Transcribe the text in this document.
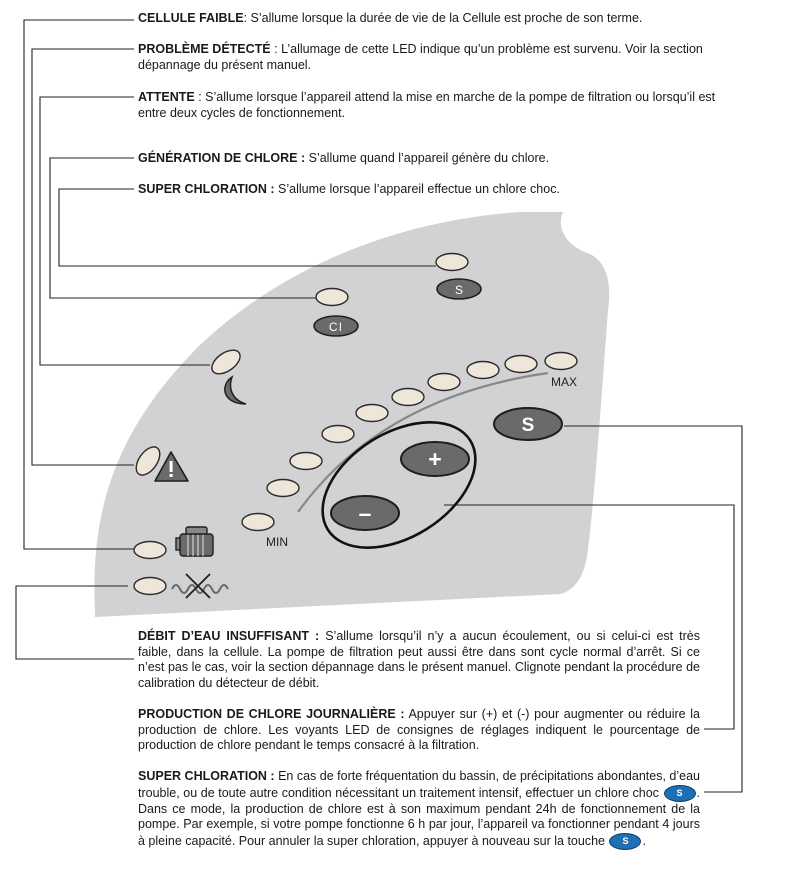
MAX
MIN
S
Cl
S
+
–
CELLULE FAIBLE: S’allume lorsque la durée de vie de la Cellule est proche de son terme.
PROBLÈME DÉTECTÉ : L’allumage de cette LED indique qu’un problème est survenu. Voir la section dépannage du présent manuel.
ATTENTE : S’allume lorsque l’appareil attend la mise en marche de la pompe de filtration ou lorsqu’il est entre deux cycles de fonctionnement.
GÉNÉRATION DE CHLORE : S’allume quand l’appareil génère du chlore.
SUPER CHLORATION : S’allume lorsque l’appareil effectue un chlore choc.
DÉBIT D’EAU INSUFFISANT : S’allume lorsqu’il n’y a aucun écoulement, ou si celui-ci est très faible, dans la cellule. La pompe de filtration peut aussi être dans sont cycle normal d’arrêt. Si ce n’est pas le cas, voir la section dépannage dans le présent manuel. Clignote pendant la procédure de calibration du détecteur de débit.
PRODUCTION DE CHLORE JOURNALIÈRE : Appuyer sur (+) et (-) pour augmenter ou réduire la production de chlore. Les voyants LED de consignes de réglages indiquent le pourcentage de production de chlore pendant le temps consacré à la filtration.
SUPER CHLORATION : En cas de forte fréquentation du bassin, de précipitations abondantes, d’eau trouble, ou de toute autre condition nécessitant un traitement intensif, effectuer un chlore choc S . Dans ce mode, la production de chlore est à son maximum pendant 24h de fonctionnement de la pompe. Par exemple, si votre pompe fonctionne 6 h par jour, l’appareil va fonctionner pendant 4 jours à pleine capacité. Pour annuler la super chloration, appuyer à nouveau sur la touche S .
